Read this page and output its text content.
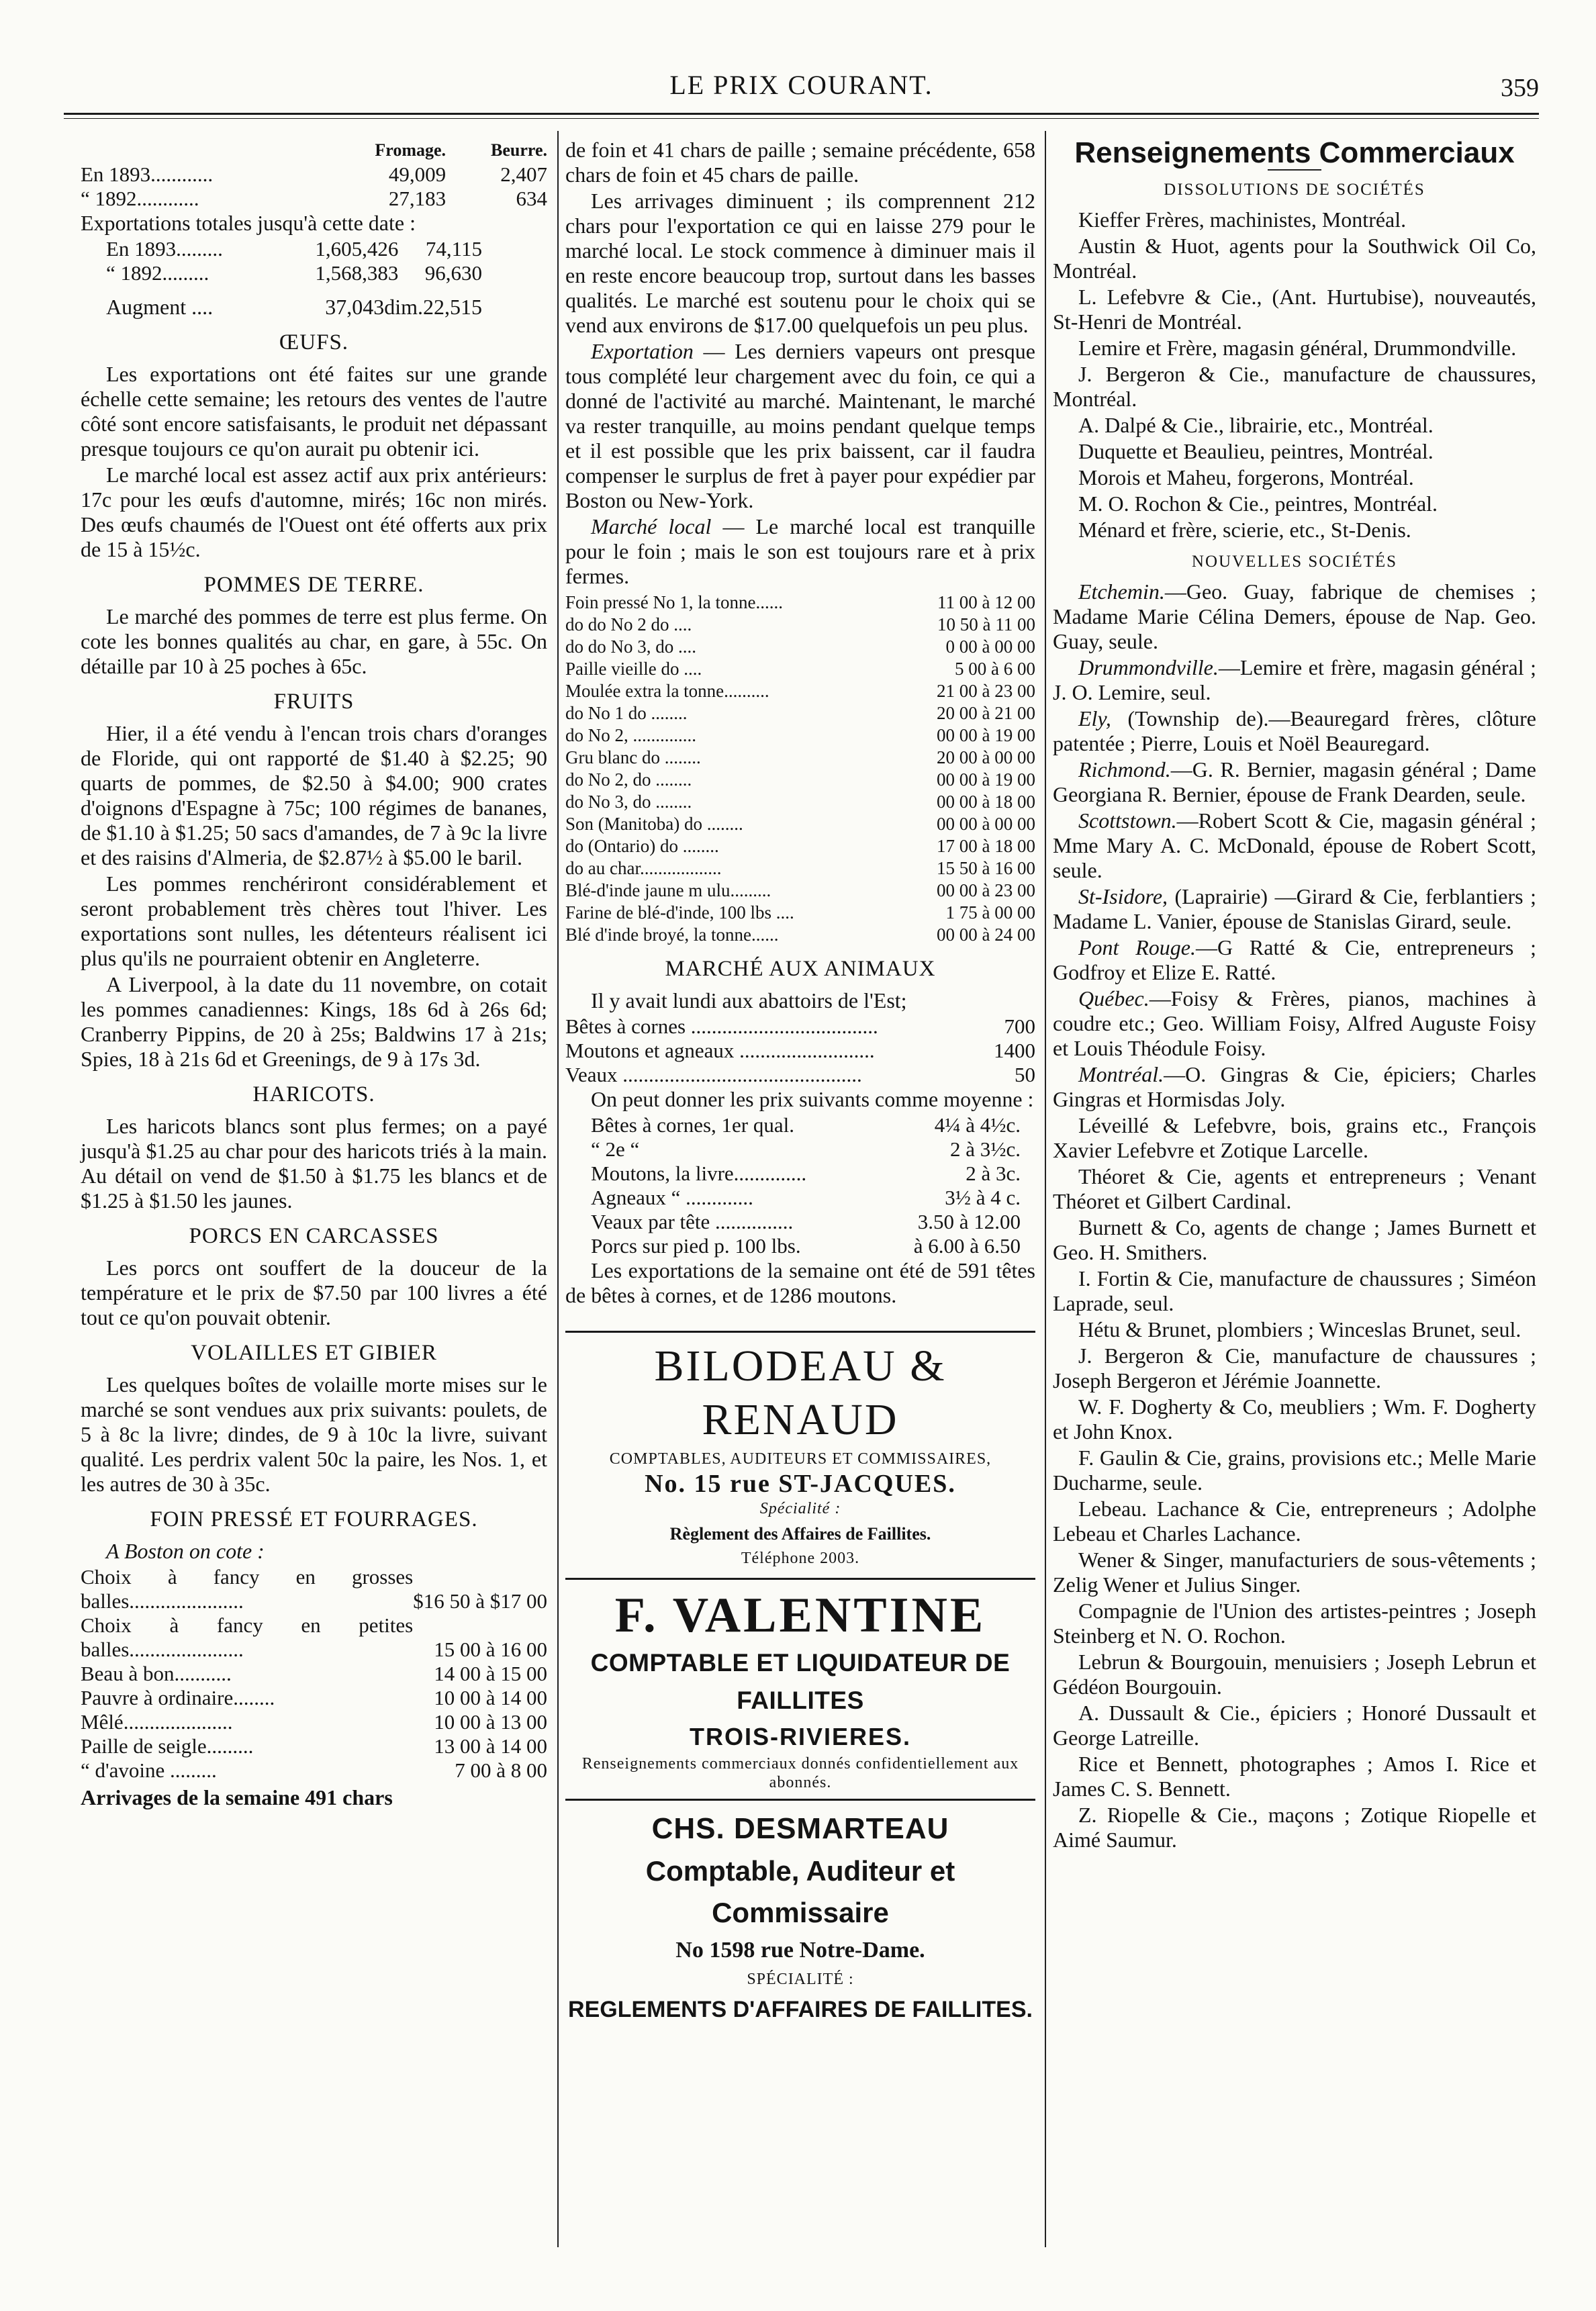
LE PRIX COURANT.	359
	Fromage.	Beurre.
En 1893............	49,009	2,407
“ 1892............	27,183	634

Exportations totales jusqu'à cette date :

En 1893.........	1,605,426	74,115
“ 1892.........	1,568,383	96,630
Augment ....	37,043dim.22,515
ŒUFS.

Les exportations ont été faites sur une grande échelle cette semaine; les retours des ventes de l'autre côté sont encore satisfaisants, le produit net dépassant presque toujours ce qu'on aurait pu obtenir ici.

Le marché local est assez actif aux prix antérieurs: 17c pour les œufs d'automne, mirés; 16c non mirés. Des œufs chaumés de l'Ouest ont été offerts aux prix de 15 à 15½c.

POMMES DE TERRE.

Le marché des pommes de terre est plus ferme. On cote les bonnes qualités au char, en gare, à 55c. On détaille par 10 à 25 poches à 65c.

FRUITS

Hier, il a été vendu à l'encan trois chars d'oranges de Floride, qui ont rapporté de $1.40 à $2.25; 90 quarts de pommes, de $2.50 à $4.00; 900 crates d'oignons d'Espagne à 75c; 100 régimes de bananes, de $1.10 à $1.25; 50 sacs d'amandes, de 7 à 9c la livre et des raisins d'Almeria, de $2.87½ à $5.00 le baril.

Les pommes renchériront considérablement et seront probablement très chères tout l'hiver. Les exportations sont nulles, les détenteurs réalisent ici plus qu'ils ne pourraient obtenir en Angleterre.

A Liverpool, à la date du 11 novembre, on cotait les pommes canadiennes: Kings, 18s 6d à 26s 6d; Cranberry Pippins, de 20 à 25s; Baldwins 17 à 21s; Spies, 18 à 21s 6d et Greenings, de 9 à 17s 3d.

HARICOTS.

Les haricots blancs sont plus fermes; on a payé jusqu'à $1.25 au char pour des haricots triés à la main. Au détail on vend de $1.50 à $1.75 les blancs et de $1.25 à $1.50 les jaunes.

PORCS EN CARCASSES

Les porcs ont souffert de la douceur de la température et le prix de $7.50 par 100 livres a été tout ce qu'on pouvait obtenir.

VOLAILLES ET GIBIER

Les quelques boîtes de volaille morte mises sur le marché se sont vendues aux prix suivants: poulets, de 5 à 8c la livre; dindes, de 9 à 10c la livre, suivant qualité. Les perdrix valent 50c la paire, les Nos. 1, et les autres de 30 à 35c.

FOIN PRESSÉ ET FOURRAGES.

A Boston on cote :

Choix à fancy en grosses balles......................	$16 50 à $17 00
Choix à fancy en petites balles......................	15 00 à 16 00
Beau à bon...........	14 00 à 15 00
Pauvre à ordinaire........	10 00 à 14 00
Mêlé.....................	10 00 à 13 00
Paille de seigle.........	13 00 à 14 00
“ d'avoine .........	7 00 à 8 00

Arrivages de la semaine 491 chars

de foin et 41 chars de paille ; semaine précédente, 658 chars de foin et 45 chars de paille.

Les arrivages diminuent ; ils comprennent 212 chars pour l'exportation ce qui en laisse 279 pour le marché local. Le stock commence à diminuer mais il en reste encore beaucoup trop, surtout dans les basses qualités. Le marché est soutenu pour le choix qui se vend aux environs de $17.00 quelquefois un peu plus.

Exportation — Les derniers vapeurs ont presque tous complété leur chargement avec du foin, ce qui a donné de l'activité au marché. Maintenant, le marché va rester tranquille, au moins pendant quelque temps et il est possible que les prix baissent, car il faudra compenser le surplus de fret à payer pour expédier par Boston ou New-York.

Marché local — Le marché local est tranquille pour le foin ; mais le son est toujours rare et à prix fermes.

Foin pressé No 1, la tonne......	11 00 à 12 00
do do No 2 do ....	10 50 à 11 00
do do No 3, do ....	0 00 à 00 00
Paille vieille do ....	5 00 à 6 00
Moulée extra la tonne..........	21 00 à 23 00
do No 1 do ........	20 00 à 21 00
do No 2, ..............	00 00 à 19 00
Gru blanc do ........	20 00 à 00 00
do No 2, do ........	00 00 à 19 00
do No 3, do ........	00 00 à 18 00
Son (Manitoba) do ........	00 00 à 00 00
do (Ontario) do ........	17 00 à 18 00
do au char..................	15 50 à 16 00
Blé-d'inde jaune m ulu.........	00 00 à 23 00
Farine de blé-d'inde, 100 lbs ....	1 75 à 00 00
Blé d'inde broyé, la tonne......	00 00 à 24 00
MARCHÉ AUX ANIMAUX

Il y avait lundi aux abattoirs de l'Est;

Bêtes à cornes ....................................	700
Moutons et agneaux ..........................	1400
Veaux ..............................................	50

On peut donner les prix suivants comme moyenne :

Bêtes à cornes, 1er qual.	4¼ à 4½c.
“ 2e “	2 à 3½c.
Moutons, la livre..............	2 à 3c.
Agneaux “ .............	3½ à 4 c.
Veaux par tête ...............	3.50 à 12.00
Porcs sur pied p. 100 lbs.	à 6.00 à 6.50

Les exportations de la semaine ont été de 591 têtes de bêtes à cornes, et de 1286 moutons.

BILODEAU & RENAUD
COMPTABLES, AUDITEURS ET COMMISSAIRES,
No. 15 rue ST-JACQUES.
Spécialité :
Règlement des Affaires de Faillites.
Téléphone 2003.
F. VALENTINE
COMPTABLE ET LIQUIDATEUR DE FAILLITES
TROIS-RIVIERES.
Renseignements commerciaux donnés confidentiellement aux abonnés.
CHS. DESMARTEAU
Comptable, Auditeur et Commissaire
No 1598 rue Notre-Dame.
SPÉCIALITÉ :
REGLEMENTS D'AFFAIRES DE FAILLITES.
Renseignements Commerciaux
DISSOLUTIONS DE SOCIÉTÉS

Kieffer Frères, machinistes, Montréal.

Austin & Huot, agents pour la Southwick Oil Co, Montréal.

L. Lefebvre & Cie., (Ant. Hurtubise), nouveautés, St-Henri de Montréal.

Lemire et Frère, magasin général, Drummondville.

J. Bergeron & Cie., manufacture de chaussures, Montréal.

A. Dalpé & Cie., librairie, etc., Montréal.

Duquette et Beaulieu, peintres, Montréal.

Morois et Maheu, forgerons, Montréal.

M. O. Rochon & Cie., peintres, Montréal.

Ménard et frère, scierie, etc., St-Denis.

NOUVELLES SOCIÉTÉS

Etchemin.—Geo. Guay, fabrique de chemises ; Madame Marie Célina Demers, épouse de Nap. Geo. Guay, seule.

Drummondville.—Lemire et frère, magasin général ; J. O. Lemire, seul.

Ely, (Township de).—Beauregard frères, clôture patentée ; Pierre, Louis et Noël Beauregard.

Richmond.—G. R. Bernier, magasin général ; Dame Georgiana R. Bernier, épouse de Frank Dearden, seule.

Scottstown.—Robert Scott & Cie, magasin général ; Mme Mary A. C. McDonald, épouse de Robert Scott, seule.

St-Isidore, (Laprairie) —Girard & Cie, ferblantiers ; Madame L. Vanier, épouse de Stanislas Girard, seule.

Pont Rouge.—G Ratté & Cie, entrepreneurs ; Godfroy et Elize E. Ratté.

Québec.—Foisy & Frères, pianos, machines à coudre etc.; Geo. William Foisy, Alfred Auguste Foisy et Louis Théodule Foisy.

Montréal.—O. Gingras & Cie, épiciers; Charles Gingras et Hormisdas Joly.

Léveillé & Lefebvre, bois, grains etc., François Xavier Lefebvre et Zotique Larcelle.

Théoret & Cie, agents et entrepreneurs ; Venant Théoret et Gilbert Cardinal.

Burnett & Co, agents de change ; James Burnett et Geo. H. Smithers.

I. Fortin & Cie, manufacture de chaussures ; Siméon Laprade, seul.

Hétu & Brunet, plombiers ; Winceslas Brunet, seul.

J. Bergeron & Cie, manufacture de chaussures ; Joseph Bergeron et Jérémie Joannette.

W. F. Dogherty & Co, meubliers ; Wm. F. Dogherty et John Knox.

F. Gaulin & Cie, grains, provisions etc.; Melle Marie Ducharme, seule.

Lebeau. Lachance & Cie, entrepreneurs ; Adolphe Lebeau et Charles Lachance.

Wener & Singer, manufacturiers de sous-vêtements ; Zelig Wener et Julius Singer.

Compagnie de l'Union des artistes-peintres ; Joseph Steinberg et N. O. Rochon.

Lebrun & Bourgouin, menuisiers ; Joseph Lebrun et Gédéon Bourgouin.

A. Dussault & Cie., épiciers ; Honoré Dussault et George Latreille.

Rice et Bennett, photographes ; Amos I. Rice et James C. S. Bennett.

Z. Riopelle & Cie., maçons ; Zotique Riopelle et Aimé Saumur.
